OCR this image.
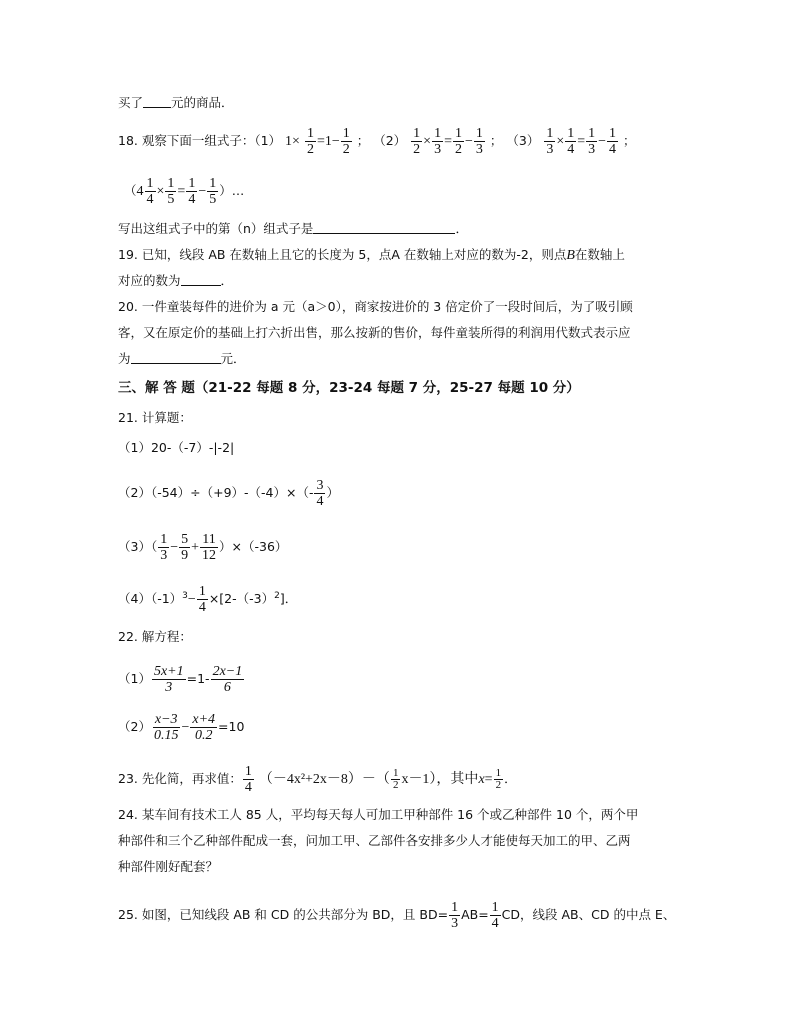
买了 元的商品．
18. 观察下面一组式子：（1） $1\times \frac{1}{2} =1- \frac{1}{2}$ ； $(2) \frac{1}{2} \times \frac{1}{3} = \frac{1}{2} - \frac{1}{3}$ ； $(3) \frac{1}{3} \times \frac{1}{4} = \frac{1}{3} - \frac{1}{4}$ ；
（$4 \frac{1}{4} \times \frac{1}{5} = \frac{1}{4} - \frac{1}{5}$ ）…
写出这组式子中的第（n）组式子是	．
19. 已知，线段 AB 在数轴上且它的长度为 5，点A 在数轴上对应的数为-2，则点B在数轴上
对应的数为	．
20. 一件童装每件的进价为 a 元（a＞0），商家按进价的 3 倍定价了一段时间后，为了吸引顾
客，又在原定价的基础上打六折出售，那么按新的售价，每件童装所得的利润用代数式表示应
为	元．
三、解 答 题（21-22 每题 8 分，23-24 每题 7 分，25-27 每题 10 分）
21. 计算题：
（1）20-（-7）-|-2|
$(2)(-54)\div(+9)-(-4)\times(- \frac{3}{4}$ ）
$(3)( \frac{1}{3} - \frac{5}{9} + \frac{11}{12} )\times(-36)$
$(4)(-1)^3- \frac{1}{4} \times[2-(-3)^2]$．
22. 解方程：
$(1) \frac{5x+1}{3} =1- \frac{2x-1}{6}$
$(2) \frac{x-3}{0.15} - \frac{x+4}{0.2} =10$
23. 先化简，再求值： $\frac{1}{4} (-4x^2+2x-8)-( \frac{1}{2} x-1)$，其中$x= \frac{1}{2}$ ．
24. 某车间有技术工人 85 人，平均每天每人可加工甲种部件 16 个或乙种部件 10 个，两个甲
种部件和三个乙种部件配成一套，问加工甲、乙部件各安排多少人才能使每天加工的甲、乙两
种部件刚好配套？
25. 如图，已知线段 AB 和 CD 的公共部分为 BD，且 $BD= \frac{1}{3} AB= \frac{1}{4}$ CD，线段 AB、CD 的中点 E、
